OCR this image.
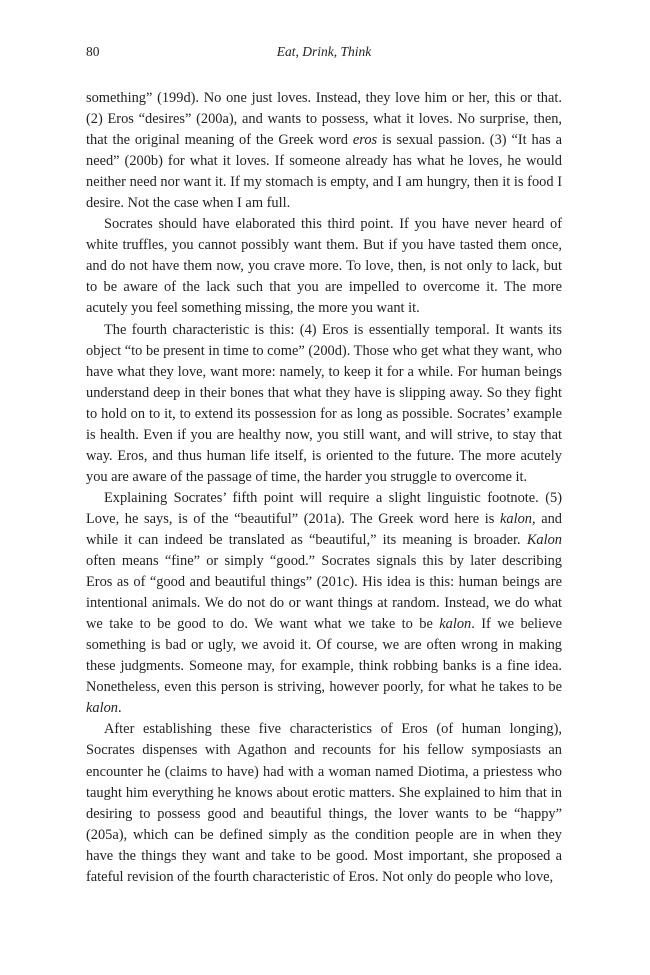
80	Eat, Drink, Think

something” (199d). No one just loves. Instead, they love him or her, this or that. (2) Eros “desires” (200a), and wants to possess, what it loves. No surprise, then, that the original meaning of the Greek word eros is sexual passion. (3) “It has a need” (200b) for what it loves. If someone already has what he loves, he would neither need nor want it. If my stomach is empty, and I am hungry, then it is food I desire. Not the case when I am full.

Socrates should have elaborated this third point. If you have never heard of white truffles, you cannot possibly want them. But if you have tasted them once, and do not have them now, you crave more. To love, then, is not only to lack, but to be aware of the lack such that you are impelled to overcome it. The more acutely you feel something missing, the more you want it.

The fourth characteristic is this: (4) Eros is essentially temporal. It wants its object “to be present in time to come” (200d). Those who get what they want, who have what they love, want more: namely, to keep it for a while. For human beings understand deep in their bones that what they have is slipping away. So they fight to hold on to it, to extend its possession for as long as possible. Socrates’ example is health. Even if you are healthy now, you still want, and will strive, to stay that way. Eros, and thus human life itself, is oriented to the future. The more acutely you are aware of the passage of time, the harder you struggle to overcome it.

Explaining Socrates’ fifth point will require a slight linguistic footnote. (5) Love, he says, is of the “beautiful” (201a). The Greek word here is kalon, and while it can indeed be translated as “beautiful,” its meaning is broader. Kalon often means “fine” or simply “good.” Socrates signals this by later describing Eros as of “good and beautiful things” (201c). His idea is this: human beings are intentional animals. We do not do or want things at random. Instead, we do what we take to be good to do. We want what we take to be kalon. If we believe something is bad or ugly, we avoid it. Of course, we are often wrong in making these judgments. Someone may, for example, think robbing banks is a fine idea. Nonetheless, even this person is striving, however poorly, for what he takes to be kalon.

After establishing these five characteristics of Eros (of human longing), Socrates dispenses with Agathon and recounts for his fellow symposiasts an encounter he (claims to have) had with a woman named Diotima, a priestess who taught him everything he knows about erotic matters. She explained to him that in desiring to possess good and beautiful things, the lover wants to be “happy” (205a), which can be defined simply as the condition people are in when they have the things they want and take to be good. Most important, she proposed a fateful revision of the fourth characteristic of Eros. Not only do people who love,
